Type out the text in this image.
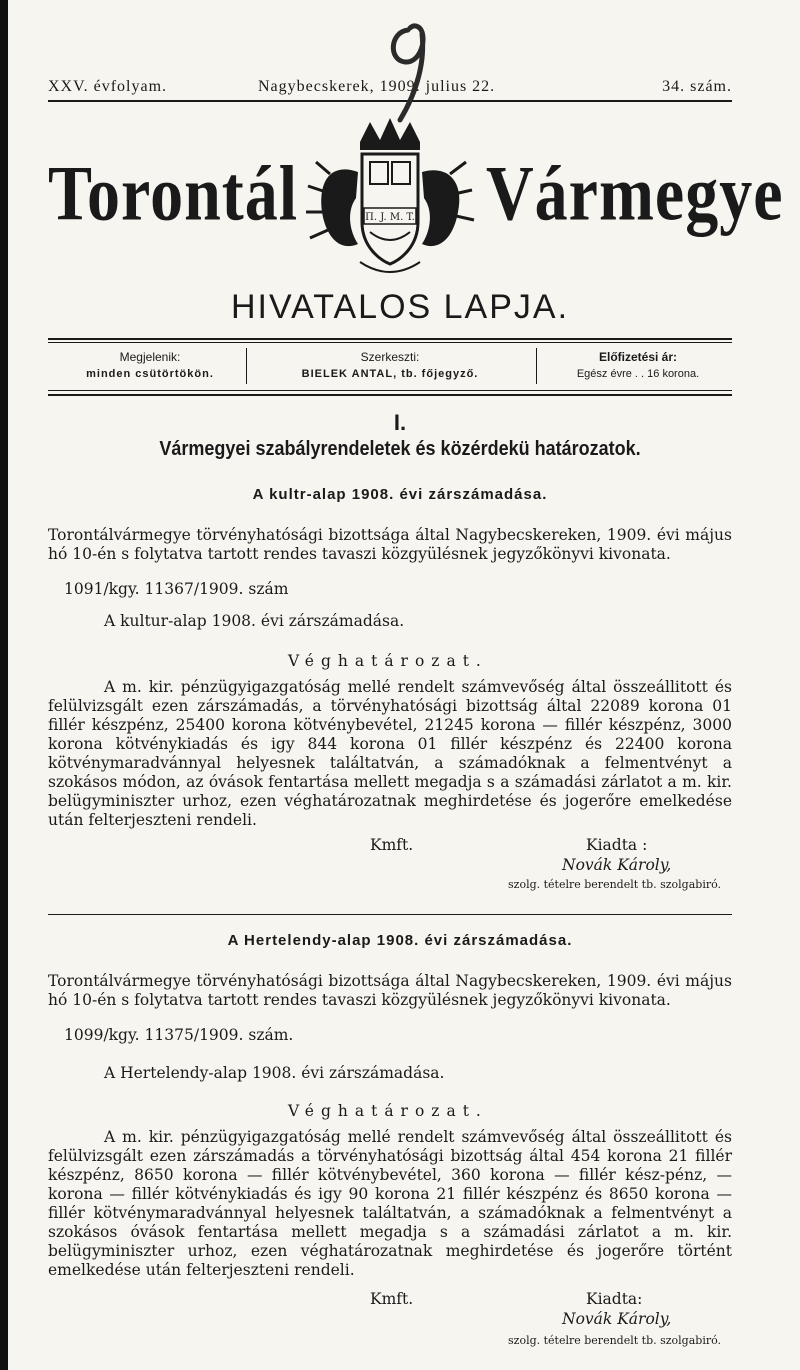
XXV. évfolyam.	Nagybecskerek, 1909. julius 22.	34. szám.
Torontál	Vármegye
П. J. M. T.
HIVATALOS LAPJA.
Megjelenik:
minden csütörtökön.
Szerkeszti:
BIELEK ANTAL, tb. főjegyző.
Előfizetési ár:
Egész évre . . 16 korona.
I.
Vármegyei szabályrendeletek és közérdekü határozatok.
A kultr-alap 1908. évi zárszámadása.
Torontálvármegye törvényhatósági bizottsága által Nagybecskereken, 1909. évi május hó 10-én s folytatva tartott rendes tavaszi közgyülésnek jegyzőkönyvi kivonata.
1091/kgy. 11367/1909. szám
A kultur-alap 1908. évi zárszámadása.
Véghatározat.
A m. kir. pénzügyigazgatóság mellé rendelt számvevőség által összeállitott és felülvizsgált ezen zárszámadás, a törvényhatósági bizottság által 22089 korona 01 fillér készpénz, 25400 korona kötvénybevétel, 21245 korona — fillér készpénz, 3000 korona kötvénykiadás és igy 844 korona 01 fillér készpénz és 22400 korona kötvénymaradvánnyal helyesnek találtatván, a számadóknak a felmentvényt a szokásos módon, az óvások fentartása mellett megadja s a számadási zárlatot a m. kir. belügyminiszter urhoz, ezen véghatározatnak meghirdetése és jogerőre emelkedése után felterjeszteni rendeli.
Kmft.	Kiadta :
Novák Károly,
szolg. tételre berendelt tb. szolgabiró.
A Hertelendy-alap 1908. évi zárszámadása.
Torontálvármegye törvényhatósági bizottsága által Nagybecskereken, 1909. évi május hó 10-én s folytatva tartott rendes tavaszi közgyülésnek jegyzőkönyvi kivonata.
1099/kgy. 11375/1909. szám.
A Hertelendy-alap 1908. évi zárszámadása.
Véghatározat.
A m. kir. pénzügyigazgatóság mellé rendelt számvevőség által összeállitott és felülvizsgált ezen zárszámadás a törvényhatósági bizottság által 454 korona 21 fillér készpénz, 8650 korona — fillér kötvénybevétel, 360 korona — fillér kész-pénz, — korona — fillér kötvénykiadás és igy 90 korona 21 fillér készpénz és 8650 korona — fillér kötvénymaradvánnyal helyesnek találtatván, a számadóknak a felmentvényt a szokásos óvások fentartása mellett megadja s a számadási zárlatot a m. kir. belügyminiszter urhoz, ezen véghatározatnak meghirdetése és jogerőre történt emelkedése után felterjeszteni rendeli.
Kmft.	Kiadta:
Novák Károly,
szolg. tételre berendelt tb. szolgabiró.
